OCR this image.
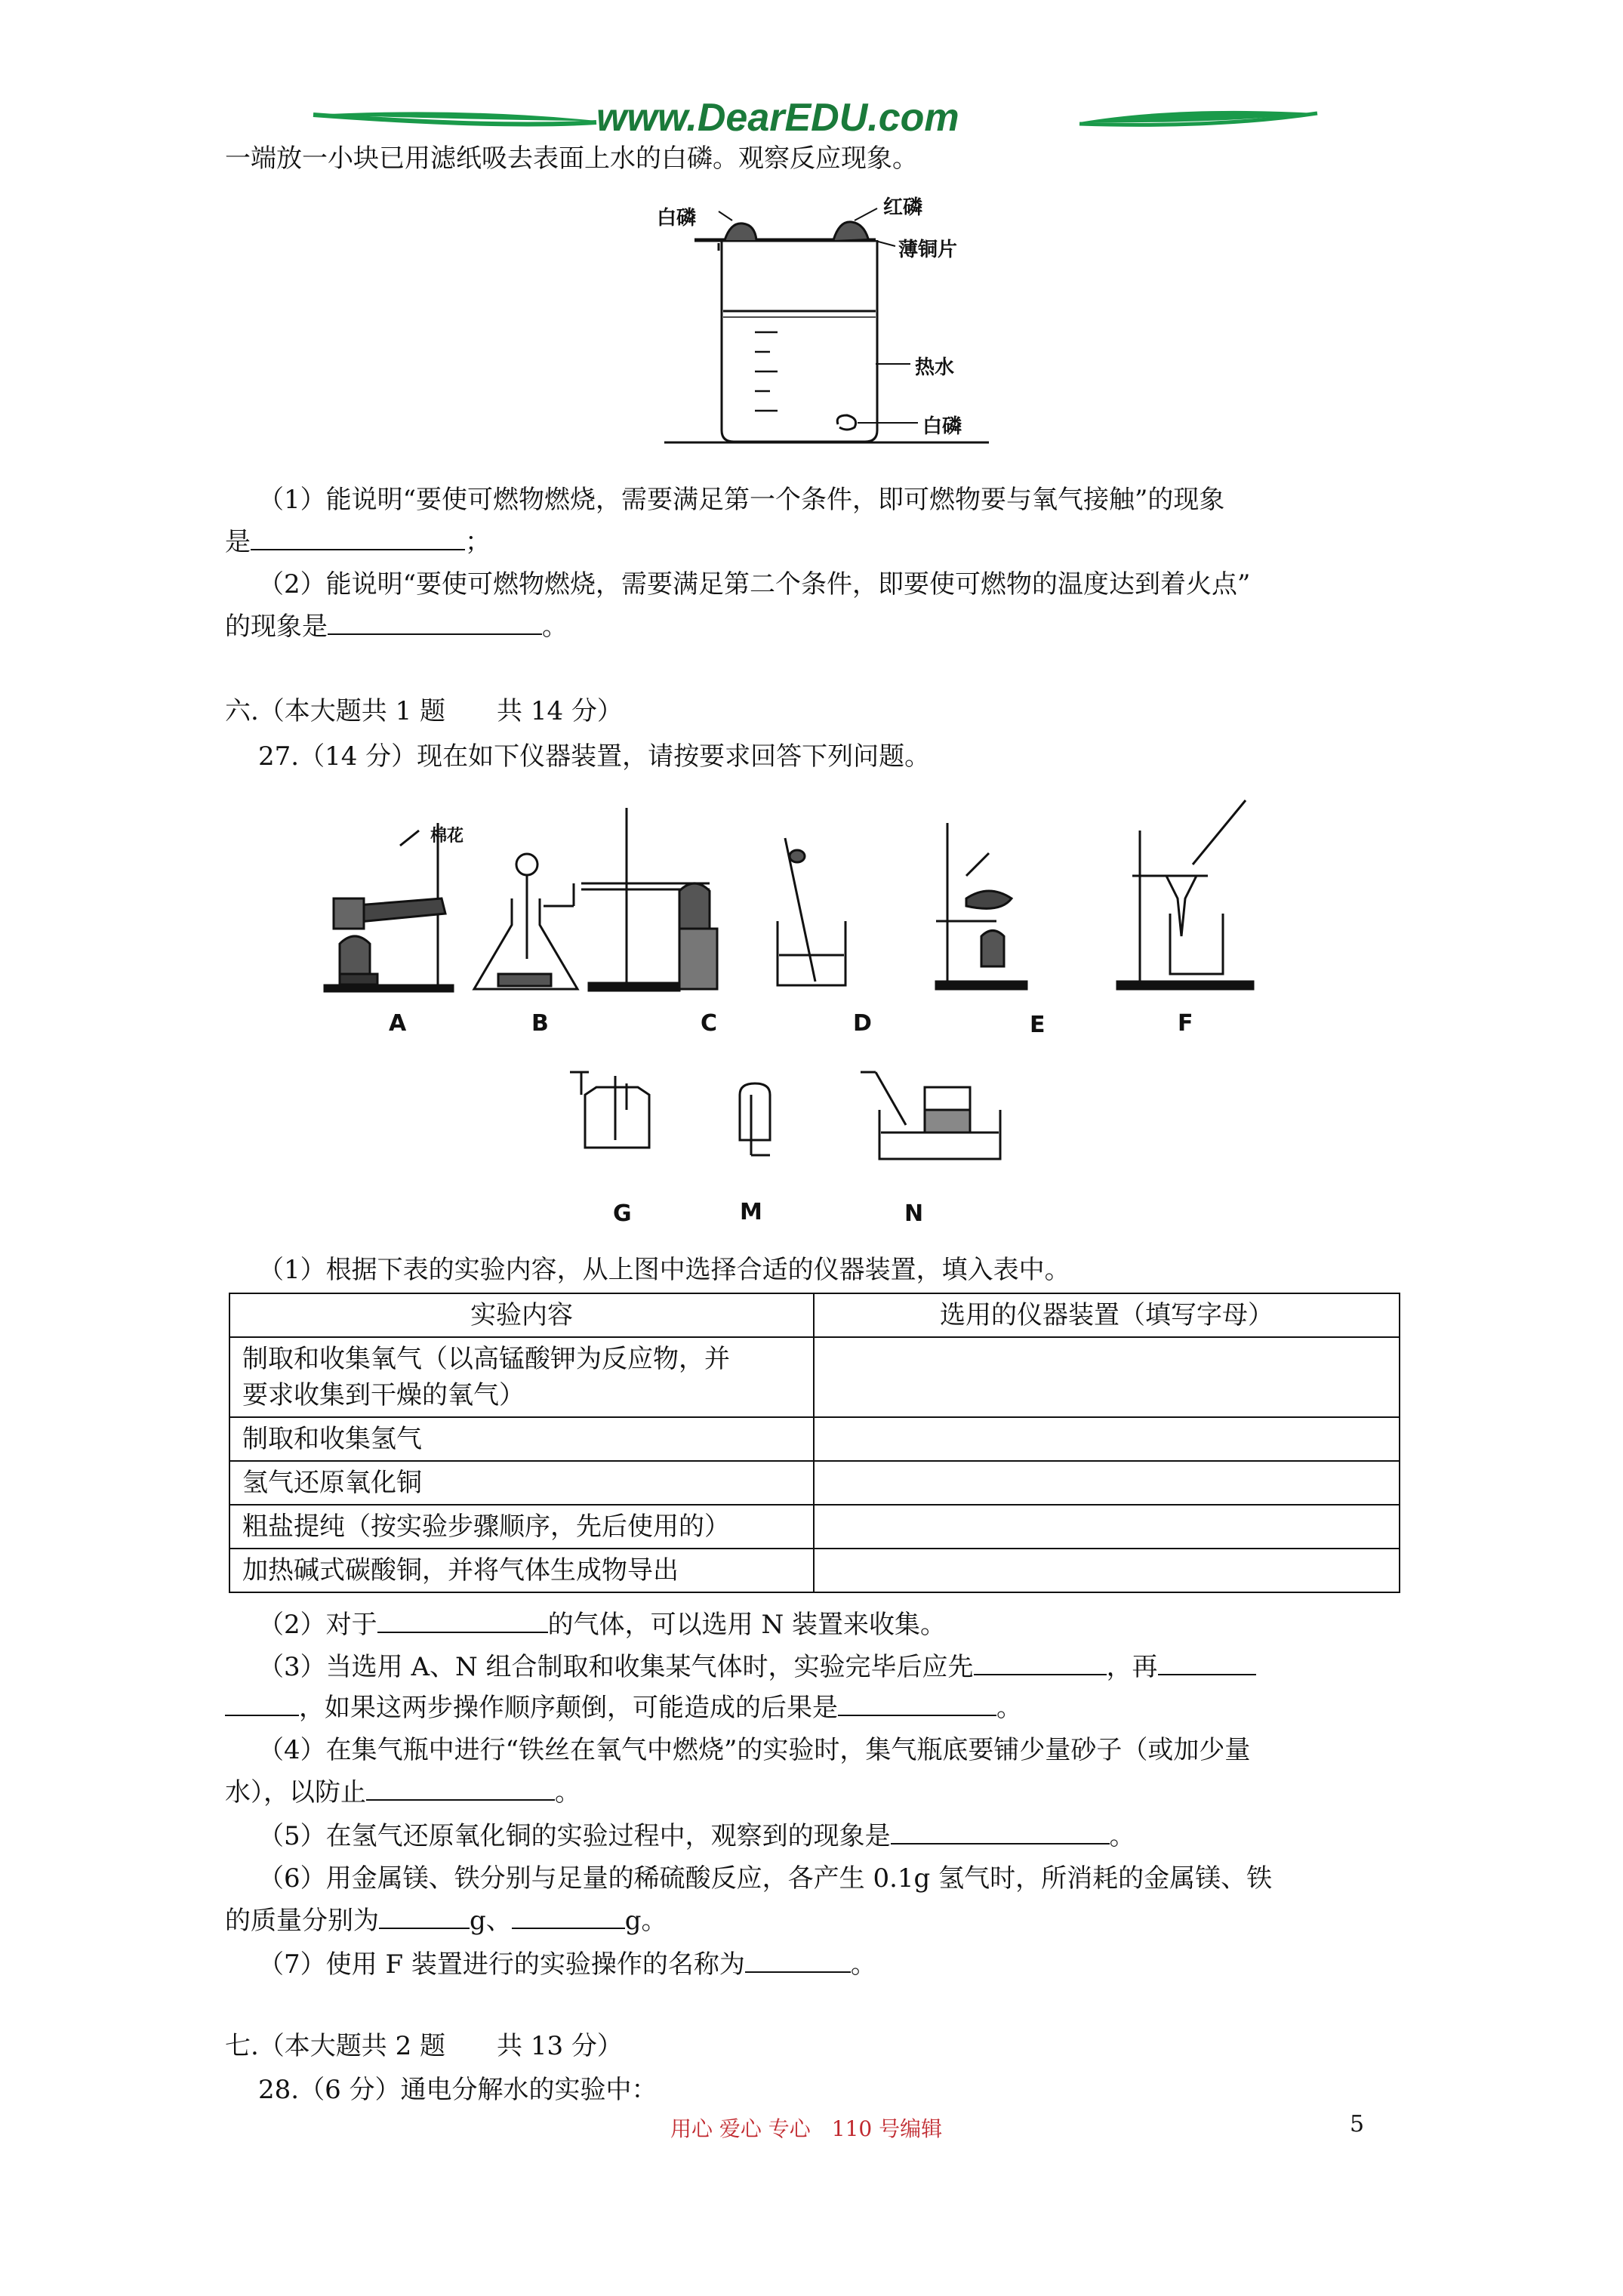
www.DearEDU.com
一端放一小块已用滤纸吸去表面上水的白磷。观察反应现象。
白磷	红磷
薄铜片
热水
白磷
（1）能说明“要使可燃物燃烧，需要满足第一个条件，即可燃物要与氧气接触”的现象
是	；
（2）能说明“要使可燃物燃烧，需要满足第二个条件，即要使可燃物的温度达到着火点”
的现象是	。
六.（本大题共 1 题　　共 14 分）
27.（14 分）现在如下仪器装置，请按要求回答下列问题。
棉花
A	B	C	D	E	F
G	M	N
（1）根据下表的实验内容，从上图中选择合适的仪器装置，填入表中。
实验内容	选用的仪器装置（填写字母）
制取和收集氧气（以高锰酸钾为反应物，并
要求收集到干燥的氧气）	
制取和收集氢气	
氢气还原氧化铜	
粗盐提纯（按实验步骤顺序，先后使用的）	
加热碱式碳酸铜，并将气体生成物导出	
（2）对于	的气体，可以选用 N 装置来收集。
（3）当选用 A、N 组合制取和收集某气体时，实验完毕后应先	，再
，如果这两步操作顺序颠倒，可能造成的后果是	。
（4）在集气瓶中进行“铁丝在氧气中燃烧”的实验时，集气瓶底要铺少量砂子（或加少量
水），以防止	。
（5）在氢气还原氧化铜的实验过程中，观察到的现象是	。
（6）用金属镁、铁分别与足量的稀硫酸反应，各产生 0.1g 氢气时，所消耗的金属镁、铁
的质量分别为	g、	g。
（7）使用 F 装置进行的实验操作的名称为	。
七.（本大题共 2 题　　共 13 分）
28.（6 分）通电分解水的实验中：
用心 爱心 专心　110 号编辑	5
